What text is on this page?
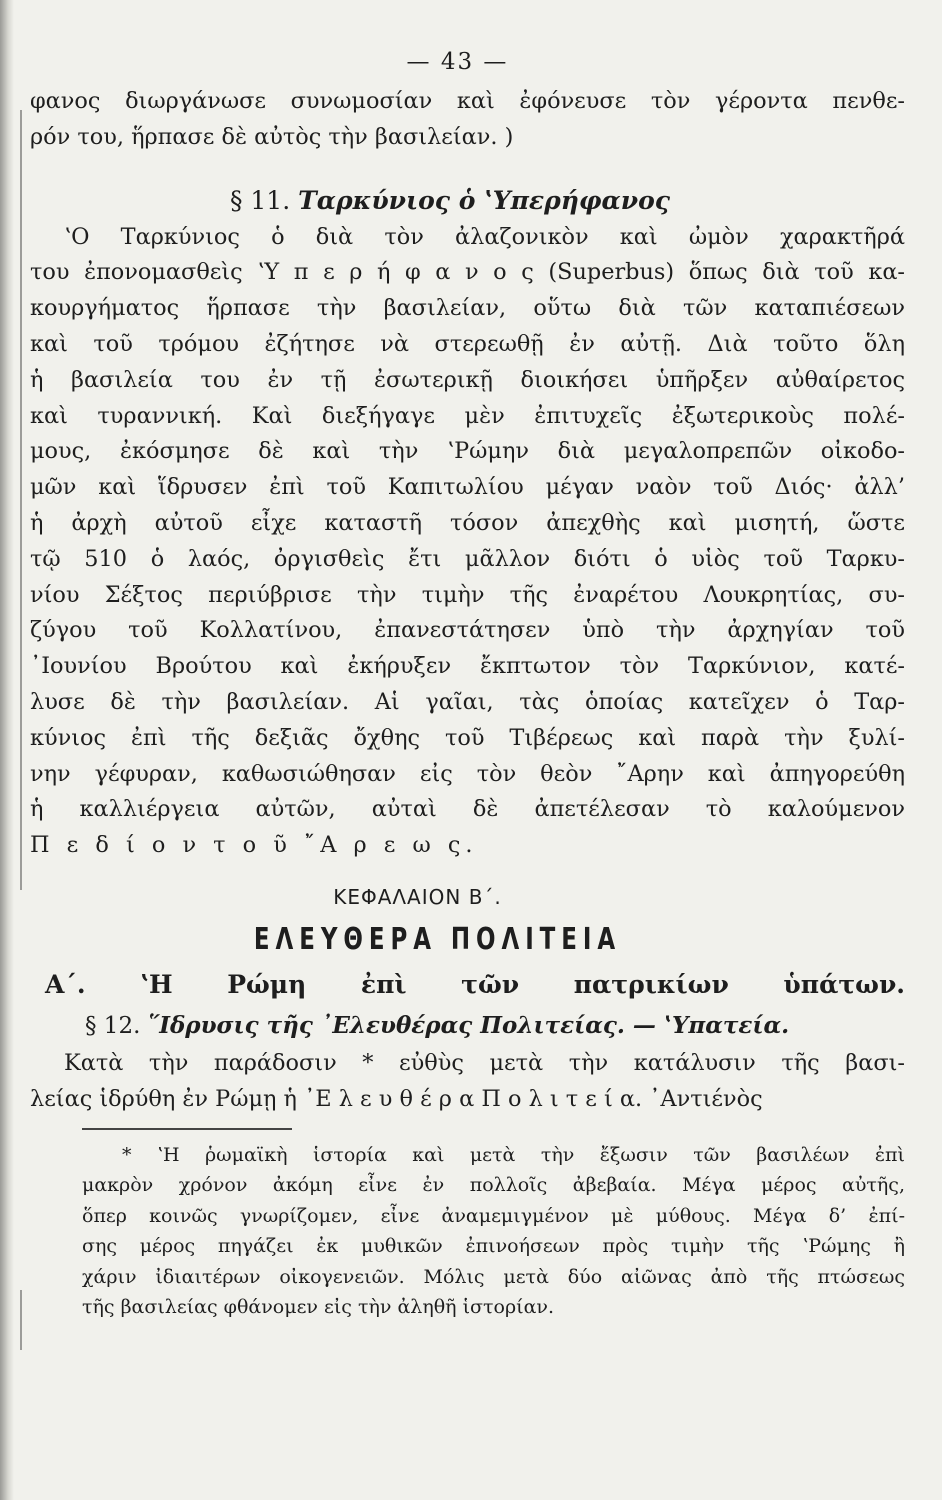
— 43 —
φανος διωργάνωσε συνωμοσίαν καὶ ἐφόνευσε τὸν γέροντα πενθε-
ρόν του, ἥρπασε δὲ αὐτὸς τὴν βασιλείαν. )
§ 11. Ταρκύνιος ὁ ʽΥπερήφανος
ʽΟ Ταρκύνιος ὁ διὰ τὸν ἀλαζονικὸν καὶ ὠμὸν χαρακτῆρά
του ἐπονομασθεὶς ʽΥ π ε ρ ή φ α ν ο ς (Superbus) ὅπως διὰ τοῦ κα-
κουργήματος ἥρπασε τὴν βασιλείαν, οὕτω διὰ τῶν καταπιέσεων
καὶ τοῦ τρόμου ἐζήτησε νὰ στερεωθῇ ἐν αὐτῇ. Διὰ τοῦτο ὅλη
ἡ βασιλεία του ἐν τῇ ἐσωτερικῇ διοικήσει ὑπῆρξεν αὐθαίρετος
καὶ τυραννική. Καὶ διεξήγαγε μὲν ἐπιτυχεῖς ἐξωτερικοὺς πολέ-
μους, ἐκόσμησε δὲ καὶ τὴν ʽΡώμην διὰ μεγαλοπρεπῶν οἰκοδο-
μῶν καὶ ἵδρυσεν ἐπὶ τοῦ Καπιτωλίου μέγαν ναὸν τοῦ Διός· ἀλλ’
ἡ ἀρχὴ αὐτοῦ εἶχε καταστῆ τόσον ἀπεχθὴς καὶ μισητή, ὥστε
τῷ 510 ὁ λαός, ὀργισθεὶς ἔτι μᾶλλον διότι ὁ υἱὸς τοῦ Ταρκυ-
νίου Σέξτος περιύβρισε τὴν τιμὴν τῆς ἐναρέτου Λουκρητίας, συ-
ζύγου τοῦ Κολλατίνου, ἐπανεστάτησεν ὑπὸ τὴν ἀρχηγίαν τοῦ
᾿Ιουνίου Βρούτου καὶ ἐκήρυξεν ἔκπτωτον τὸν Ταρκύνιον, κατέ-
λυσε δὲ τὴν βασιλείαν. Αἱ γαῖαι, τὰς ὁποίας κατεῖχεν ὁ Ταρ-
κύνιος ἐπὶ τῆς δεξιᾶς ὄχθης τοῦ Τιβέρεως καὶ παρὰ τὴν ξυλί-
νην γέφυραν, καθωσιώθησαν εἰς τὸν θεὸν ῎Αρην καὶ ἀπηγορεύθη
ἡ καλλιέργεια αὐτῶν, αὐταὶ δὲ ἀπετέλεσαν τὸ καλούμενον
Π ε δ ί ο ν τ ο ῦ ῎Α ρ ε ω ς.
ΚΕΦΑΛΑΙΟΝ Β΄.
ΕΛΕΥΘΕΡΑ ΠΟΛΙΤΕΙΑ
Α΄. ʽΗ Ρώμη ἐπὶ τῶν πατρικίων ὑπάτων.
§ 12. ῞Ιδρυσις τῆς ᾿Ελευθέρας Πολιτείας. — ʽΥπατεία.
Κατὰ τὴν παράδοσιν * εὐθὺς μετὰ τὴν κατάλυσιν τῆς βασι-
λείας ἱδρύθη ἐν Ρώμῃ ἡ ᾿Ε λ ε υ θ έ ρ α Π ο λ ι τ ε ί α. ᾿Αντιένὸς
* ʽΗ ῥωμαϊκὴ ἱστορία καὶ μετὰ τὴν ἔξωσιν τῶν βασιλέων ἐπὶ
μακρὸν χρόνον ἀκόμη εἶνε ἐν πολλοῖς ἀβεβαία. Μέγα μέρος αὐτῆς,
ὅπερ κοινῶς γνωρίζομεν, εἶνε ἀναμεμιγμένον μὲ μύθους. Μέγα δ’ ἐπί-
σης μέρος πηγάζει ἐκ μυθικῶν ἐπινοήσεων πρὸς τιμὴν τῆς ʽΡώμης ἢ
χάριν ἰδιαιτέρων οἰκογενειῶν. Μόλις μετὰ δύο αἰῶνας ἀπὸ τῆς πτώσεως
τῆς βασιλείας φθάνομεν εἰς τὴν ἀληθῆ ἱστορίαν.
